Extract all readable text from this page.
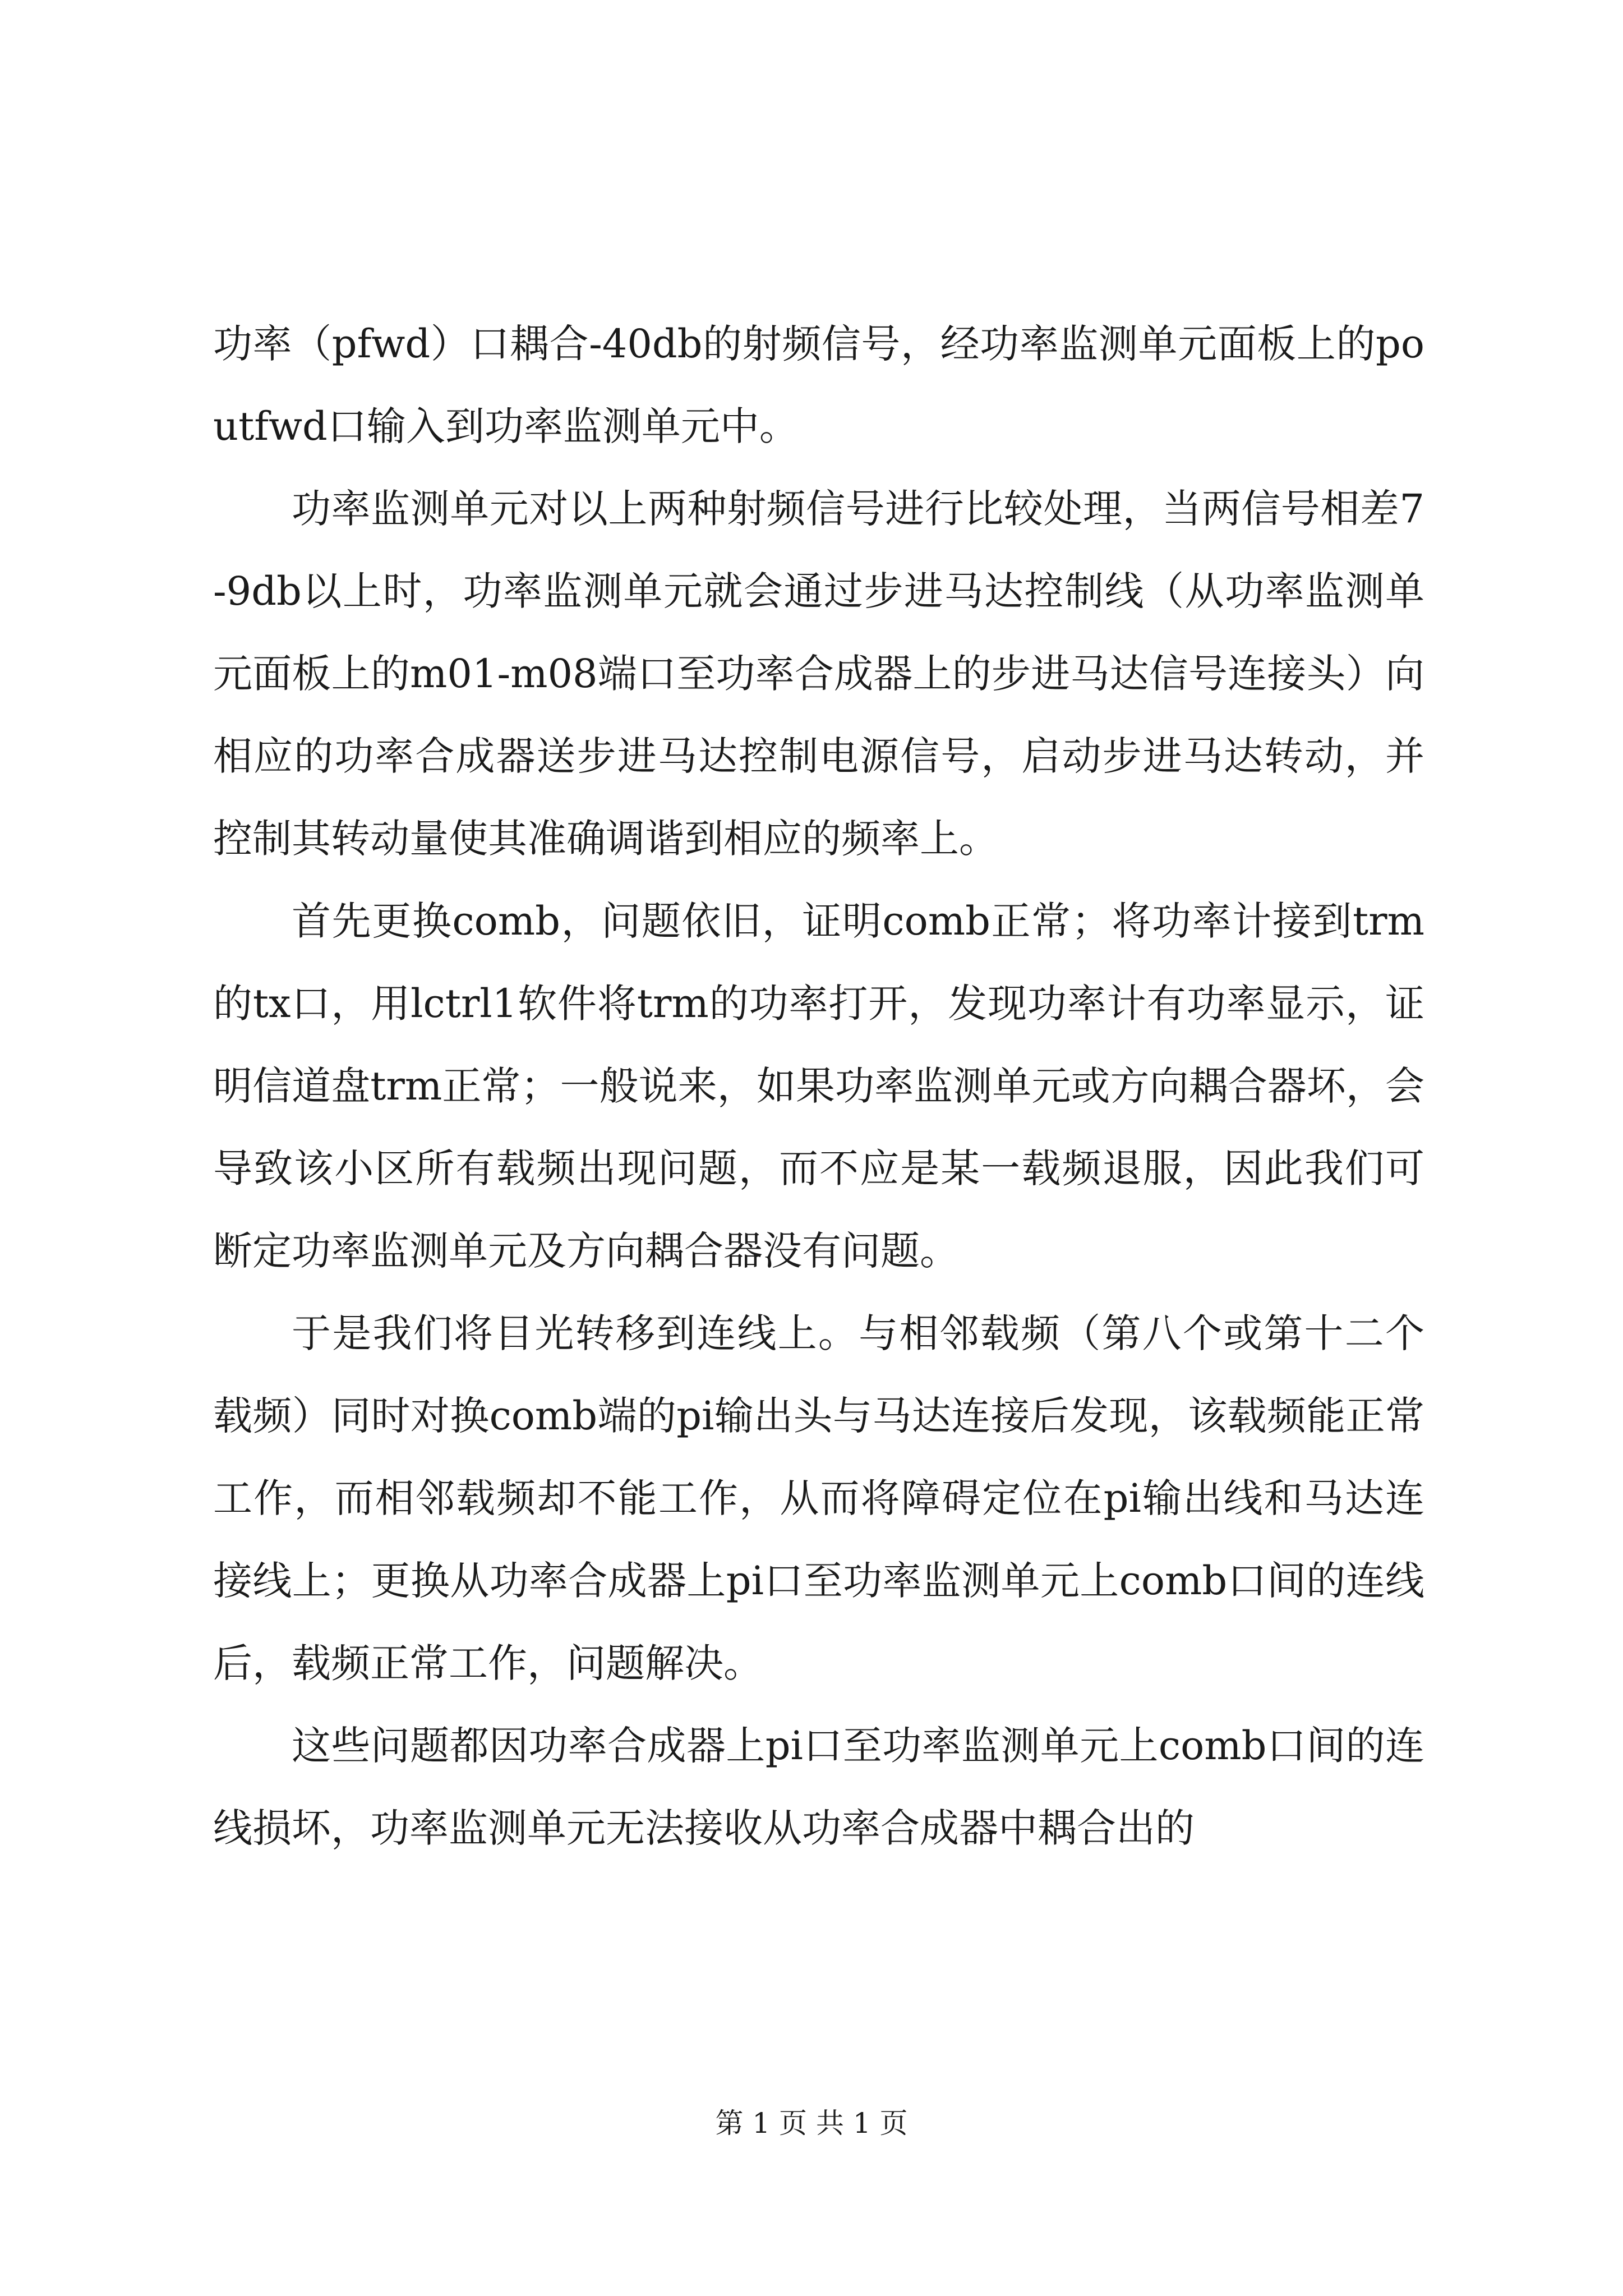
功率（pfwd）口耦合-40db的射频信号，经功率监测单元面板上的poutfwd口输入到功率监测单元中。

功率监测单元对以上两种射频信号进行比较处理，当两信号相差7-9db以上时，功率监测单元就会通过步进马达控制线（从功率监测单元面板上的m01-m08端口至功率合成器上的步进马达信号连接头）向相应的功率合成器送步进马达控制电源信号，启动步进马达转动，并控制其转动量使其准确调谐到相应的频率上。

首先更换comb，问题依旧，证明comb正常；将功率计接到trm的tx口，用lctrl1软件将trm的功率打开，发现功率计有功率显示，证明信道盘trm正常；一般说来，如果功率监测单元或方向耦合器坏，会导致该小区所有载频出现问题，而不应是某一载频退服，因此我们可断定功率监测单元及方向耦合器没有问题。

于是我们将目光转移到连线上。与相邻载频（第八个或第十二个载频）同时对换comb端的pi输出头与马达连接后发现，该载频能正常工作，而相邻载频却不能工作，从而将障碍定位在pi输出线和马达连接线上；更换从功率合成器上pi口至功率监测单元上comb口间的连线后，载频正常工作，问题解决。

这些问题都因功率合成器上pi口至功率监测单元上comb口间的连线损坏，功率监测单元无法接收从功率合成器中耦合出的

第 1 页 共 1 页
